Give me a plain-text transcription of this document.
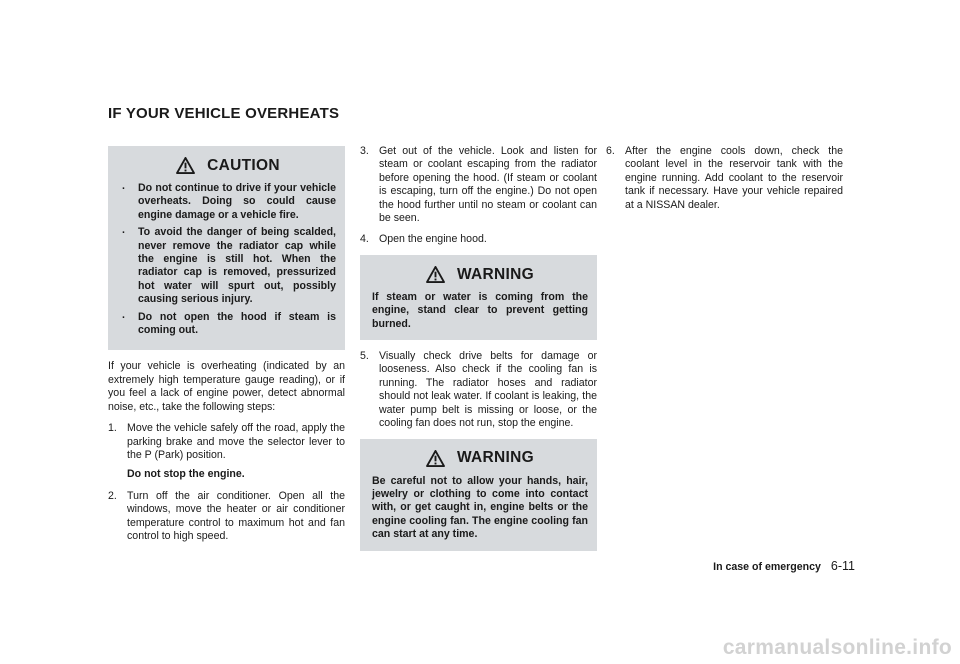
IF YOUR VEHICLE OVERHEATS
CAUTION
. Do not continue to drive if your vehicle overheats. Doing so could cause engine damage or a vehicle fire.
. To avoid the danger of being scalded, never remove the radiator cap while the engine is still hot. When the radiator cap is removed, pressurized hot water will spurt out, possibly causing serious injury.
. Do not open the hood if steam is coming out.

If your vehicle is overheating (indicated by an extremely high temperature gauge reading), or if you feel a lack of engine power, detect abnormal noise, etc., take the following steps:

1. Move the vehicle safely off the road, apply the parking brake and move the selector lever to the P (Park) position.
Do not stop the engine.
2. Turn off the air conditioner. Open all the windows, move the heater or air conditioner temperature control to maximum hot and fan control to high speed.
3. Get out of the vehicle. Look and listen for steam or coolant escaping from the radiator before opening the hood. (If steam or coolant is escaping, turn off the engine.) Do not open the hood further until no steam or coolant can be seen.
4. Open the engine hood.
WARNING
If steam or water is coming from the engine, stand clear to prevent getting burned.
5. Visually check drive belts for damage or looseness. Also check if the cooling fan is running. The radiator hoses and radiator should not leak water. If coolant is leaking, the water pump belt is missing or loose, or the cooling fan does not run, stop the engine.
WARNING
Be careful not to allow your hands, hair, jewelry or clothing to come into contact with, or get caught in, engine belts or the engine cooling fan. The engine cooling fan can start at any time.
6. After the engine cools down, check the coolant level in the reservoir tank with the engine running. Add coolant to the reservoir tank if necessary. Have your vehicle repaired at a NISSAN dealer.
In case of emergency 6-11
carmanualsonline.info
